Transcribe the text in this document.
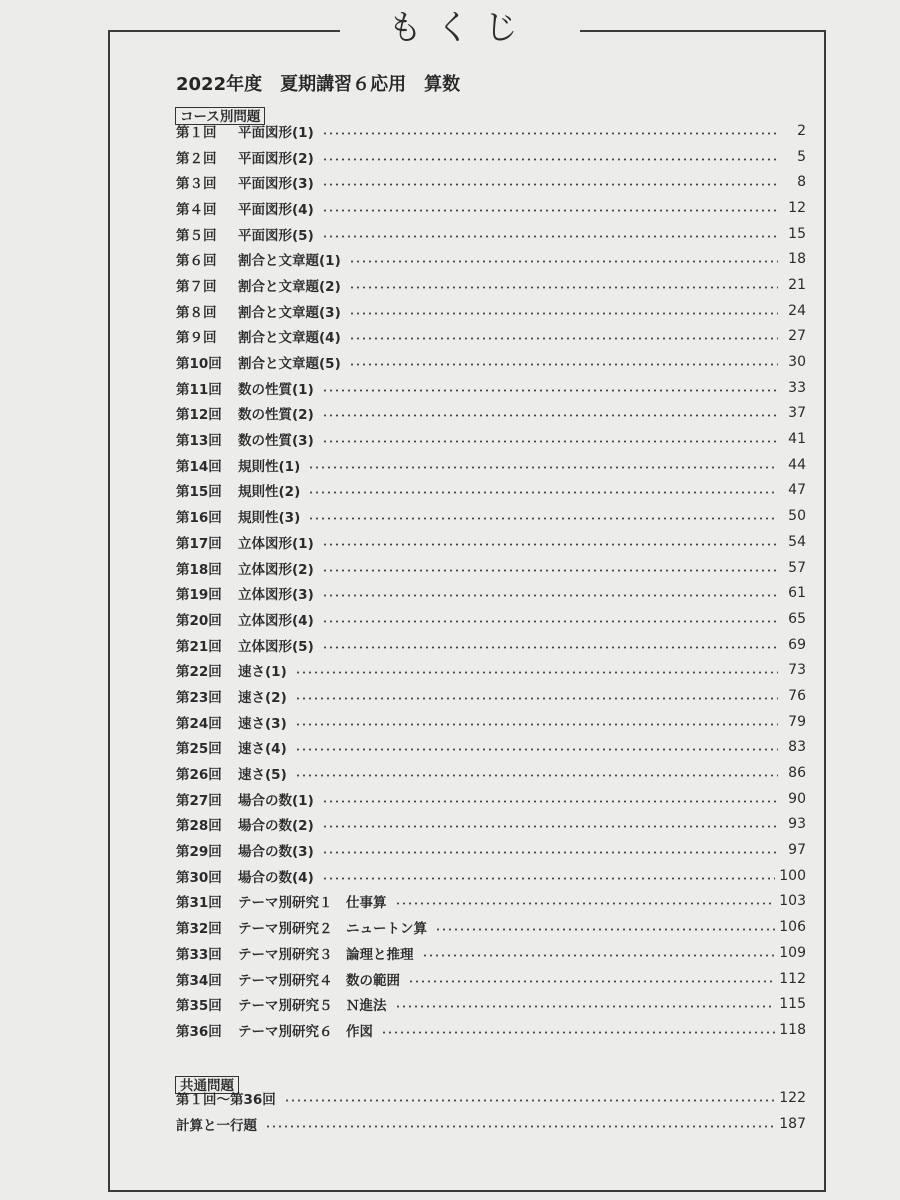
もくじ
2022年度　夏期講習６応用　算数
コース別問題
第１回	平面図形(1)	2
第２回	平面図形(2)	5
第３回	平面図形(3)	8
第４回	平面図形(4)	12
第５回	平面図形(5)	15
第６回	割合と文章題(1)	18
第７回	割合と文章題(2)	21
第８回	割合と文章題(3)	24
第９回	割合と文章題(4)	27
第10回	割合と文章題(5)	30
第11回	数の性質(1)	33
第12回	数の性質(2)	37
第13回	数の性質(3)	41
第14回	規則性(1)	44
第15回	規則性(2)	47
第16回	規則性(3)	50
第17回	立体図形(1)	54
第18回	立体図形(2)	57
第19回	立体図形(3)	61
第20回	立体図形(4)	65
第21回	立体図形(5)	69
第22回	速さ(1)	73
第23回	速さ(2)	76
第24回	速さ(3)	79
第25回	速さ(4)	83
第26回	速さ(5)	86
第27回	場合の数(1)	90
第28回	場合の数(2)	93
第29回	場合の数(3)	97
第30回	場合の数(4)	100
第31回	テーマ別研究１　仕事算	103
第32回	テーマ別研究２　ニュートン算	106
第33回	テーマ別研究３　論理と推理	109
第34回	テーマ別研究４　数の範囲	112
第35回	テーマ別研究５　Ｎ進法	115
第36回	テーマ別研究６　作図	118
共通問題
第１回～第36回	122
計算と一行題	187
